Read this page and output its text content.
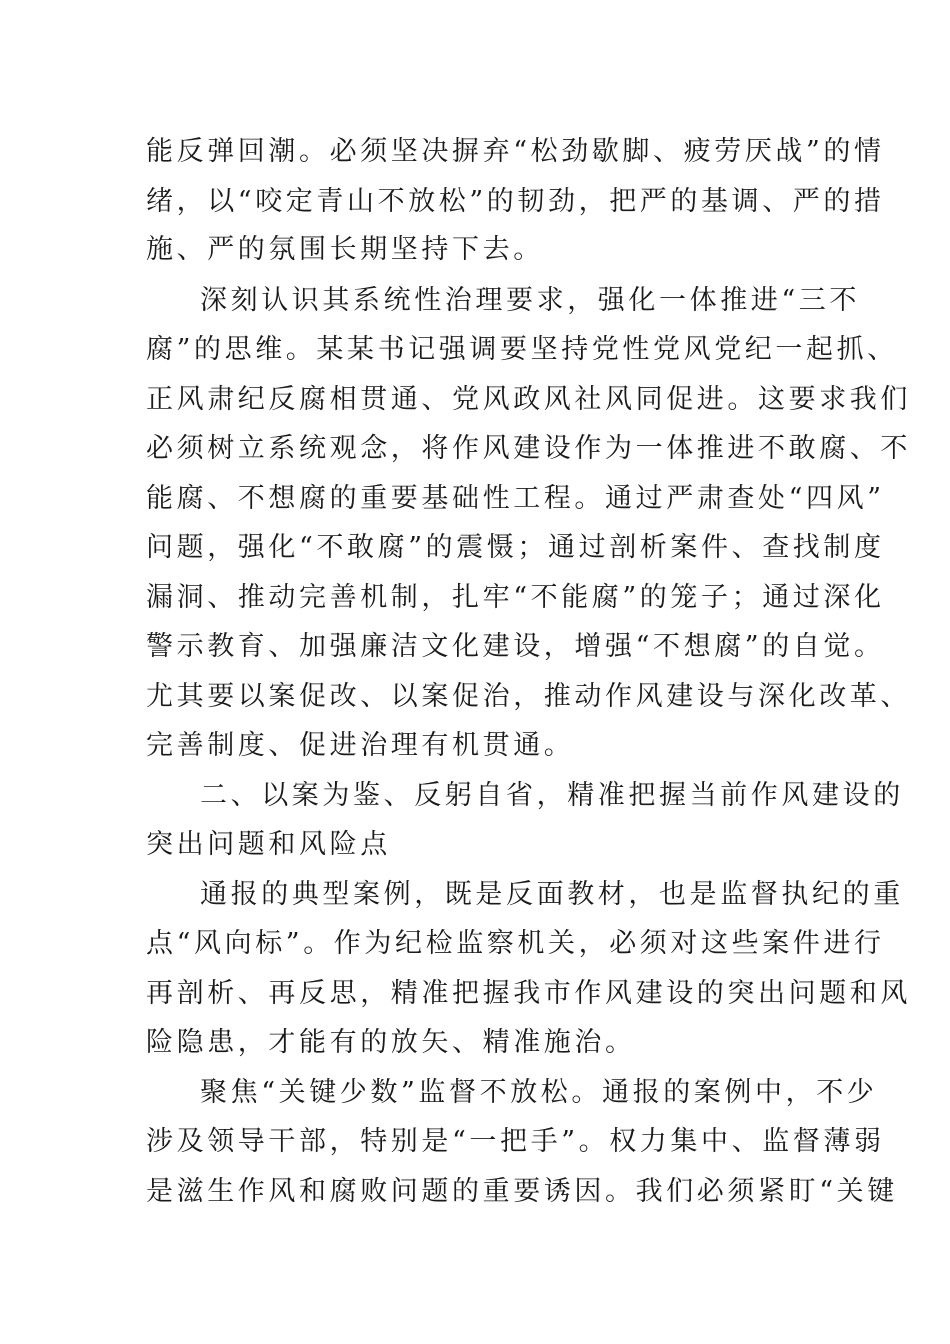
能反弹回潮。必须坚决摒弃“松劲歇脚、疲劳厌战”的情
绪，以“咬定青山不放松”的韧劲，把严的基调、严的措
施、严的氛围长期坚持下去。
深刻认识其系统性治理要求，强化一体推进“三不
腐”的思维。某某书记强调要坚持党性党风党纪一起抓、
正风肃纪反腐相贯通、党风政风社风同促进。这要求我们
必须树立系统观念，将作风建设作为一体推进不敢腐、不
能腐、不想腐的重要基础性工程。通过严肃查处“四风”
问题，强化“不敢腐”的震慑；通过剖析案件、查找制度
漏洞、推动完善机制，扎牢“不能腐”的笼子；通过深化
警示教育、加强廉洁文化建设，增强“不想腐”的自觉。
尤其要以案促改、以案促治，推动作风建设与深化改革、
完善制度、促进治理有机贯通。
二、以案为鉴、反躬自省，精准把握当前作风建设的
突出问题和风险点
通报的典型案例，既是反面教材，也是监督执纪的重
点“风向标”。作为纪检监察机关，必须对这些案件进行
再剖析、再反思，精准把握我市作风建设的突出问题和风
险隐患，才能有的放矢、精准施治。
聚焦“关键少数”监督不放松。通报的案例中，不少
涉及领导干部，特别是“一把手”。权力集中、监督薄弱
是滋生作风和腐败问题的重要诱因。我们必须紧盯“关键
